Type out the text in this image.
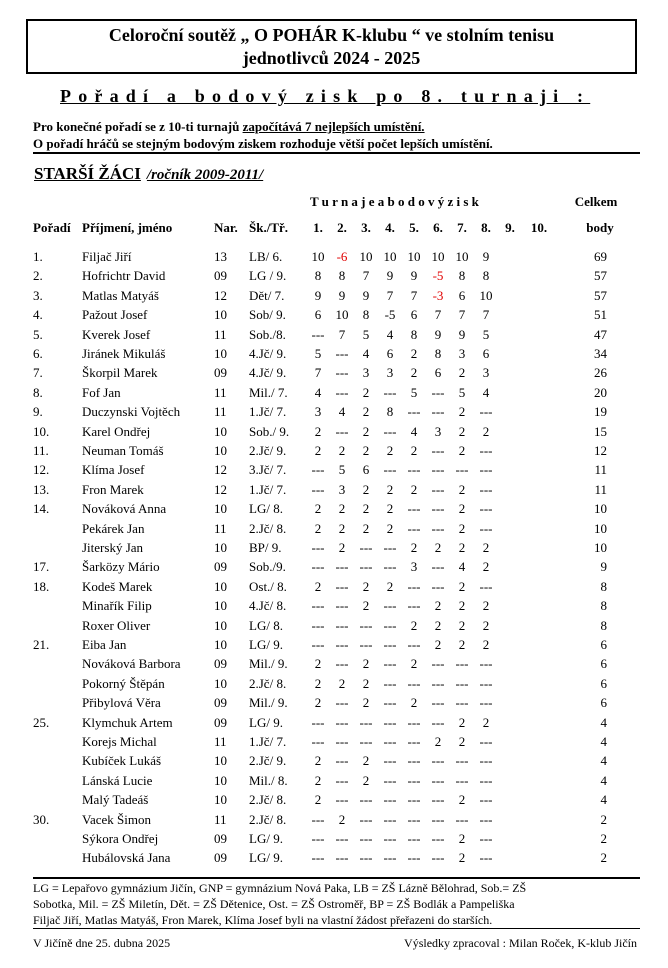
Celoroční soutěž „ O POHÁR K-klubu “ ve stolním tenisu
jednotlivců 2024 - 2025
Pořadí a bodový zisk po 8. turnaji :
Pro konečné pořadí se z 10-ti turnajů započítává 7 nejlepších umístění.
O pořadí hráčů se stejným bodovým ziskem rozhoduje větší počet lepších umístění.
STARŠÍ ŽÁCI /ročník 2009-2011/
T u r n a j e a b o d o v ý z i s k	Celkem
Pořadí Příjmení, jméno	Nar. Šk./Tř. 1. 2. 3. 4. 5. 6. 7. 8. 9. 10.	body
1.	Filjač Jiří	13 LB/ 6. 10 -6 10 10 10 10 10 9	69
2.	Hofrichtr David	09 LG / 9. 8 8 7 9 9 -5 8 8	57
3.	Matlas Matyáš	12 Dět/ 7. 9 9 9 7 7 -3 6 10	57
4.	Pažout Josef	10 Sob/ 9. 6 10 8 -5 6 7 7 7	51
5.	Kverek Josef	11 Sob./8. --- 7 5 4 8 9 9 5	47
6.	Jiránek Mikuláš	10 4.Jč/ 9. 5 --- 4 6 2 8 3 6	34
7.	Škorpil Marek	09 4.Jč/ 9. 7 --- 3 3 2 6 2 3	26
8.	Fof Jan	11 Mil./ 7. 4 --- 2 --- 5 --- 5 4	20
9.	Duczynski Vojtěch	11 1.Jč/ 7. 3 4 2 8 --- --- 2 ---	19
10.	Karel Ondřej	10 Sob./ 9. 2 --- 2 --- 4 3 2 2	15
11.	Neuman Tomáš	10 2.Jč/ 9. 2 2 2 2 2 --- 2 ---	12
12.	Klíma Josef	12 3.Jč/ 7. --- 5 6 --- --- --- --- ---	11
13.	Fron Marek	12 1.Jč/ 7. --- 3 2 2 2 --- 2 ---	11
14.	Nováková Anna	10 LG/ 8. 2 2 2 2 --- --- 2 ---	10
Pekárek Jan	11 2.Jč/ 8. 2 2 2 2 --- --- 2 ---	10
Jiterský Jan	10 BP/ 9. --- 2 --- --- 2 2 2 2	10
17.	Šarközy Mário	09 Sob./9. --- --- --- --- 3 --- 4 2	9
18.	Kodeš Marek	10 Ost./ 8. 2 --- 2 2 --- --- 2 ---	8
Minařík Filip	10 4.Jč/ 8. --- --- 2 --- --- 2 2 2	8
Roxer Oliver	10 LG/ 8. --- --- --- --- 2 2 2 2	8
21.	Eiba Jan	10 LG/ 9. --- --- --- --- --- 2 2 2	6
Nováková Barbora	09 Mil./ 9. 2 --- 2 --- 2 --- --- ---	6
Pokorný Štěpán	10 2.Jč/ 8. 2 2 2 --- --- --- --- ---	6
Přibylová Věra	09 Mil./ 9. 2 --- 2 --- 2 --- --- ---	6
25.	Klymchuk Artem	09 LG/ 9. --- --- --- --- --- --- 2 2	4
Korejs Michal	11 1.Jč/ 7. --- --- --- --- --- 2 2 ---	4
Kubíček Lukáš	10 2.Jč/ 9. 2 --- 2 --- --- --- --- ---	4
Lánská Lucie	10 Mil./ 8. 2 --- 2 --- --- --- --- ---	4
Malý Tadeáš	10 2.Jč/ 8. 2 --- --- --- --- --- 2 ---	4
30.	Vacek Šimon	11 2.Jč/ 8. --- 2 --- --- --- --- --- ---	2
Sýkora Ondřej	09 LG/ 9. --- --- --- --- --- --- 2 ---	2
Hubálovská Jana	09 LG/ 9. --- --- --- --- --- --- 2 ---	2
LG = Lepařovo gymnázium Jičín, GNP = gymnázium Nová Paka, LB = ZŠ Lázně Bělohrad, Sob.= ZŠ
Sobotka, Mil. = ZŠ Miletín, Dět. = ZŠ Dětenice, Ost. = ZŠ Ostroměř, BP = ZŠ Bodlák a Pampeliška
Filjač Jiří, Matlas Matyáš, Fron Marek, Klíma Josef byli na vlastní žádost přeřazeni do starších.
V Jičíně dne 25. dubna 2025	Výsledky zpracoval : Milan Roček, K-klub Jičín
